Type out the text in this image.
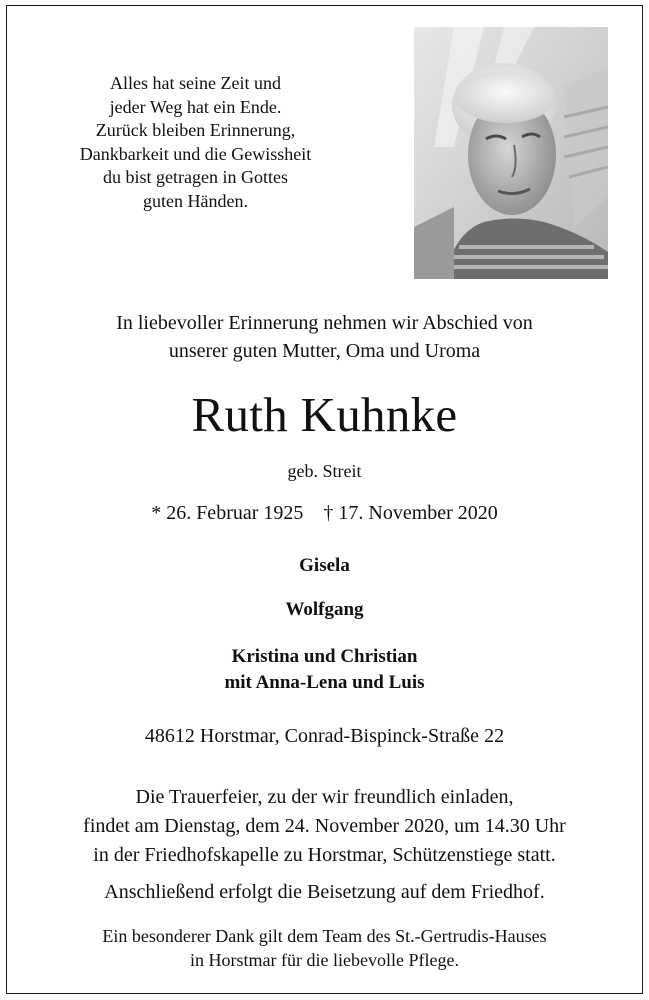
Alles hat seine Zeit und
jeder Weg hat ein Ende.
Zurück bleiben Erinnerung,
Dankbarkeit und die Gewissheit
du bist getragen in Gottes
guten Händen.
In liebevoller Erinnerung nehmen wir Abschied von
unserer guten Mutter, Oma und Uroma
Ruth Kuhnke
geb. Streit
* 26. Februar 1925 † 17. November 2020
Gisela
Wolfgang
Kristina und Christian
mit Anna-Lena und Luis
48612 Horstmar, Conrad-Bispinck-Straße 22
Die Trauerfeier, zu der wir freundlich einladen,
findet am Dienstag, dem 24. November 2020, um 14.30 Uhr
in der Friedhofskapelle zu Horstmar, Schützenstiege statt.
Anschließend erfolgt die Beisetzung auf dem Friedhof.
Ein besonderer Dank gilt dem Team des St.-Gertrudis-Hauses
in Horstmar für die liebevolle Pflege.
